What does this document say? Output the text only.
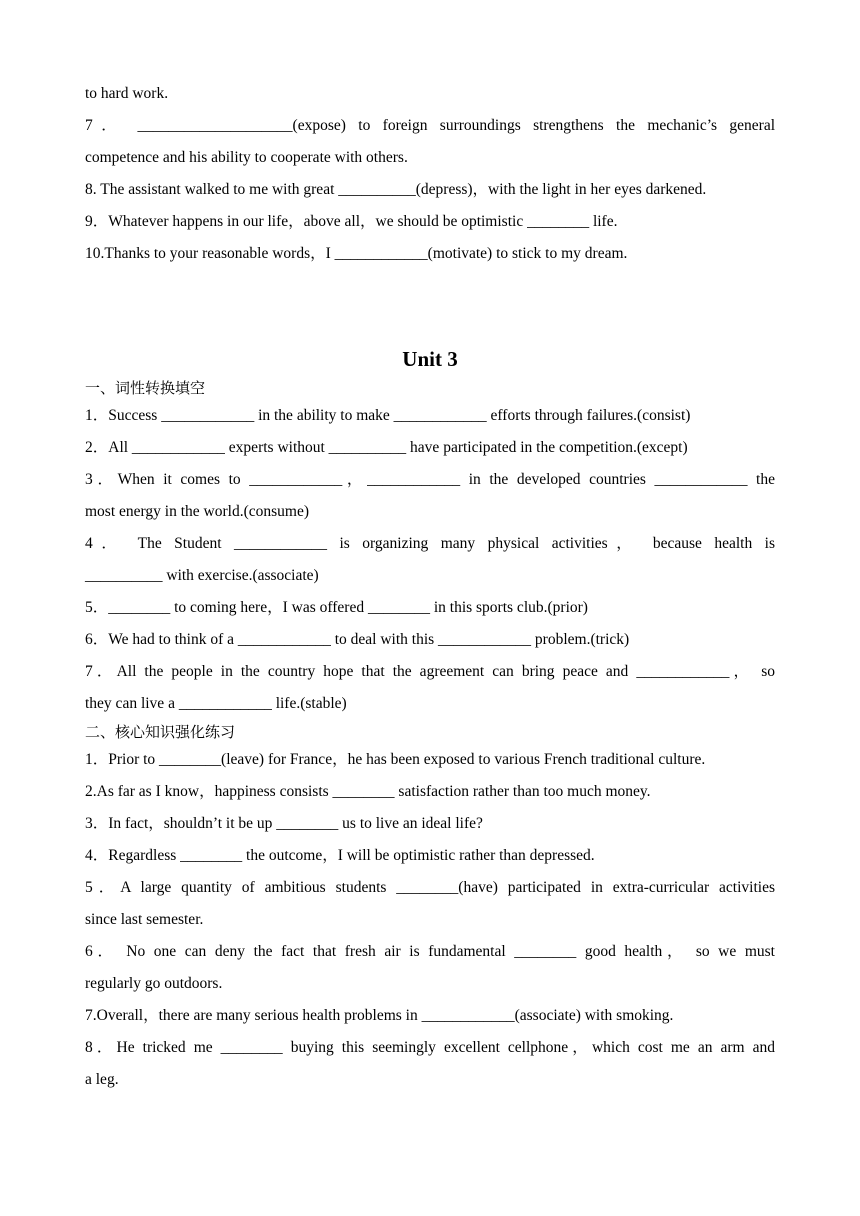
to hard work.
7． ____________________(expose) to foreign surroundings strengthens the mechanic’s general
competence and his ability to cooperate with others.
8. The assistant walked to me with great __________(depress)，with the light in her eyes darkened.
9．Whatever happens in our life，above all，we should be optimistic ________ life.
10.Thanks to your reasonable words，I ____________(motivate) to stick to my dream.
Unit 3
一、词性转换填空
1．Success ____________ in the ability to make ____________ efforts through failures.(consist)
2．All ____________ experts without __________ have participated in the competition.(except)
3．When it comes to ____________，____________ in the developed countries ____________ the
most energy in the world.(consume)
4． The Student ____________ is organizing many physical activities， because health is
__________ with exercise.(associate)
5．________ to coming here，I was offered ________ in this sports club.(prior)
6．We had to think of a ____________ to deal with this ____________ problem.(trick)
7．All the people in the country hope that the agreement can bring peace and ____________， so
they can live a ____________ life.(stable)
二、核心知识强化练习
1．Prior to ________(leave) for France，he has been exposed to various French traditional culture.
2.As far as I know，happiness consists ________ satisfaction rather than too much money.
3．In fact，shouldn’t it be up ________ us to live an ideal life?
4．Regardless ________ the outcome，I will be optimistic rather than depressed.
5．A large quantity of ambitious students ________(have) participated in extra-curricular activities
since last semester.
6． No one can deny the fact that fresh air is fundamental ________ good health， so we must
regularly go outdoors.
7.Overall，there are many serious health problems in ____________(associate) with smoking.
8．He tricked me ________ buying this seemingly excellent cellphone，which cost me an arm and
a leg.
